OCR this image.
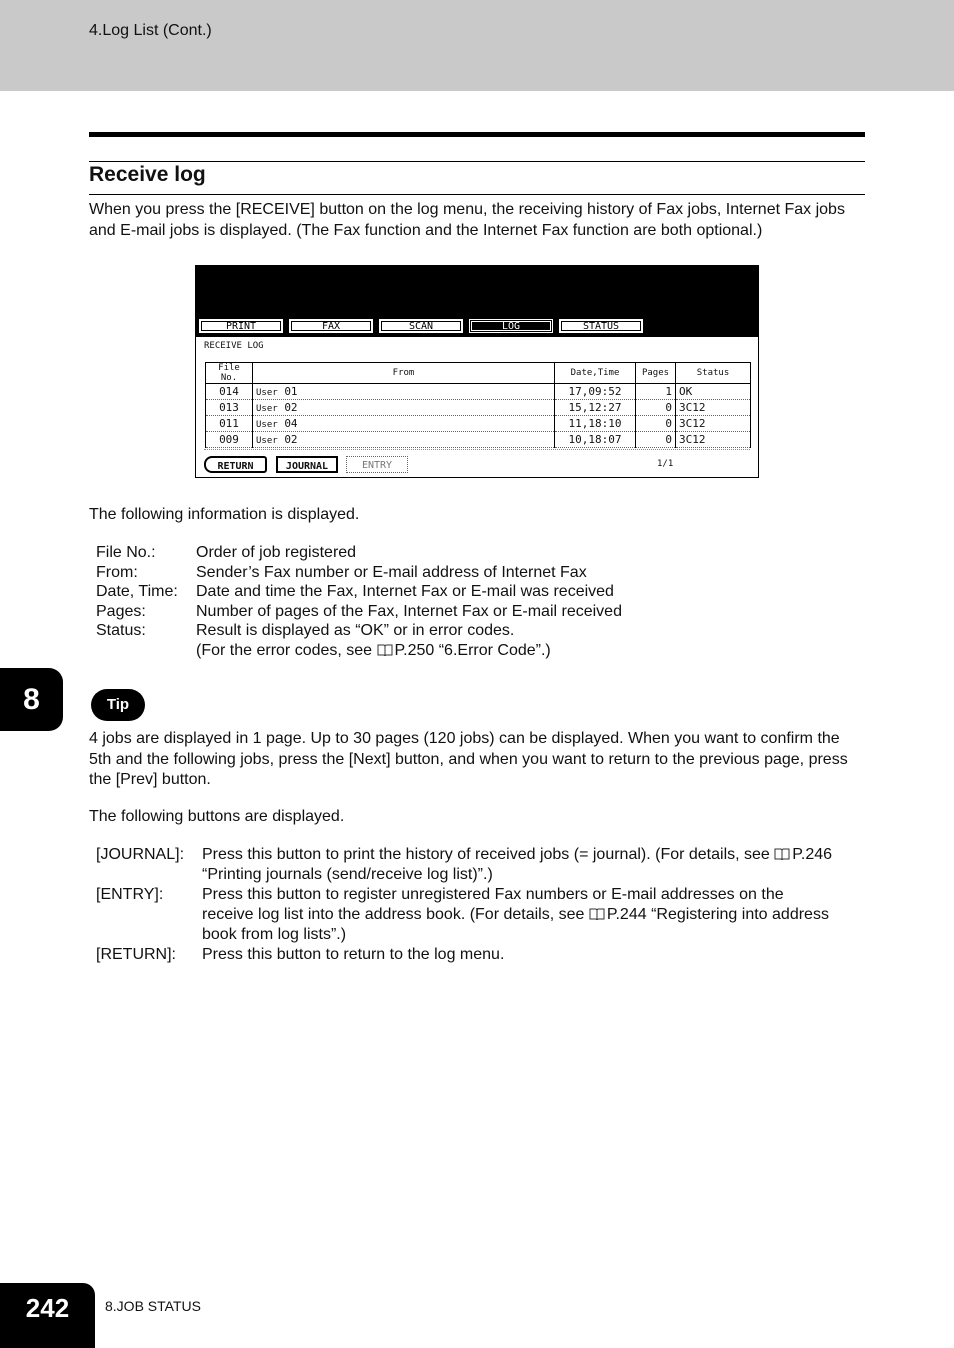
4.Log List (Cont.)
Receive log
When you press the [RECEIVE] button on the log menu, the receiving history of Fax jobs, Internet Fax jobs and E-mail jobs is displayed. (The Fax function and the Internet Fax function are both optional.)
PRINT	FAX	SCAN	LOG	STATUS
RECEIVE LOG
File No.	From	Date,Time	Pages	Status
014	User 01	17,09:52	1	OK
013	User 02	15,12:27	0	3C12
011	User 04	11,18:10	0	3C12
009	User 02	10,18:07	0	3C12
RETURN	JOURNAL	ENTRY	1/1
The following information is displayed.
File No.:	Order of job registered
From:	Sender’s Fax number or E-mail address of Internet Fax
Date, Time:	Date and time the Fax, Internet Fax or E-mail was received
Pages:	Number of pages of the Fax, Internet Fax or E-mail received
Status:	Result is displayed as “OK” or in error codes.
(For the error codes, see P.250 “6.Error Code”.)
8	Tip
4 jobs are displayed in 1 page. Up to 30 pages (120 jobs) can be displayed. When you want to confirm the 5th and the following jobs, press the [Next] button, and when you want to return to the previous page, press the [Prev] button.
The following buttons are displayed.
[JOURNAL]:	Press this button to print the history of received jobs (= journal). (For details, see P.246
“Printing journals (send/receive log list)”.)
[ENTRY]:	Press this button to register unregistered Fax numbers or E-mail addresses on the
receive log list into the address book. (For details, see P.244 “Registering into address
book from log lists”.)
[RETURN]:	Press this button to return to the log menu.
242	8.JOB STATUS
